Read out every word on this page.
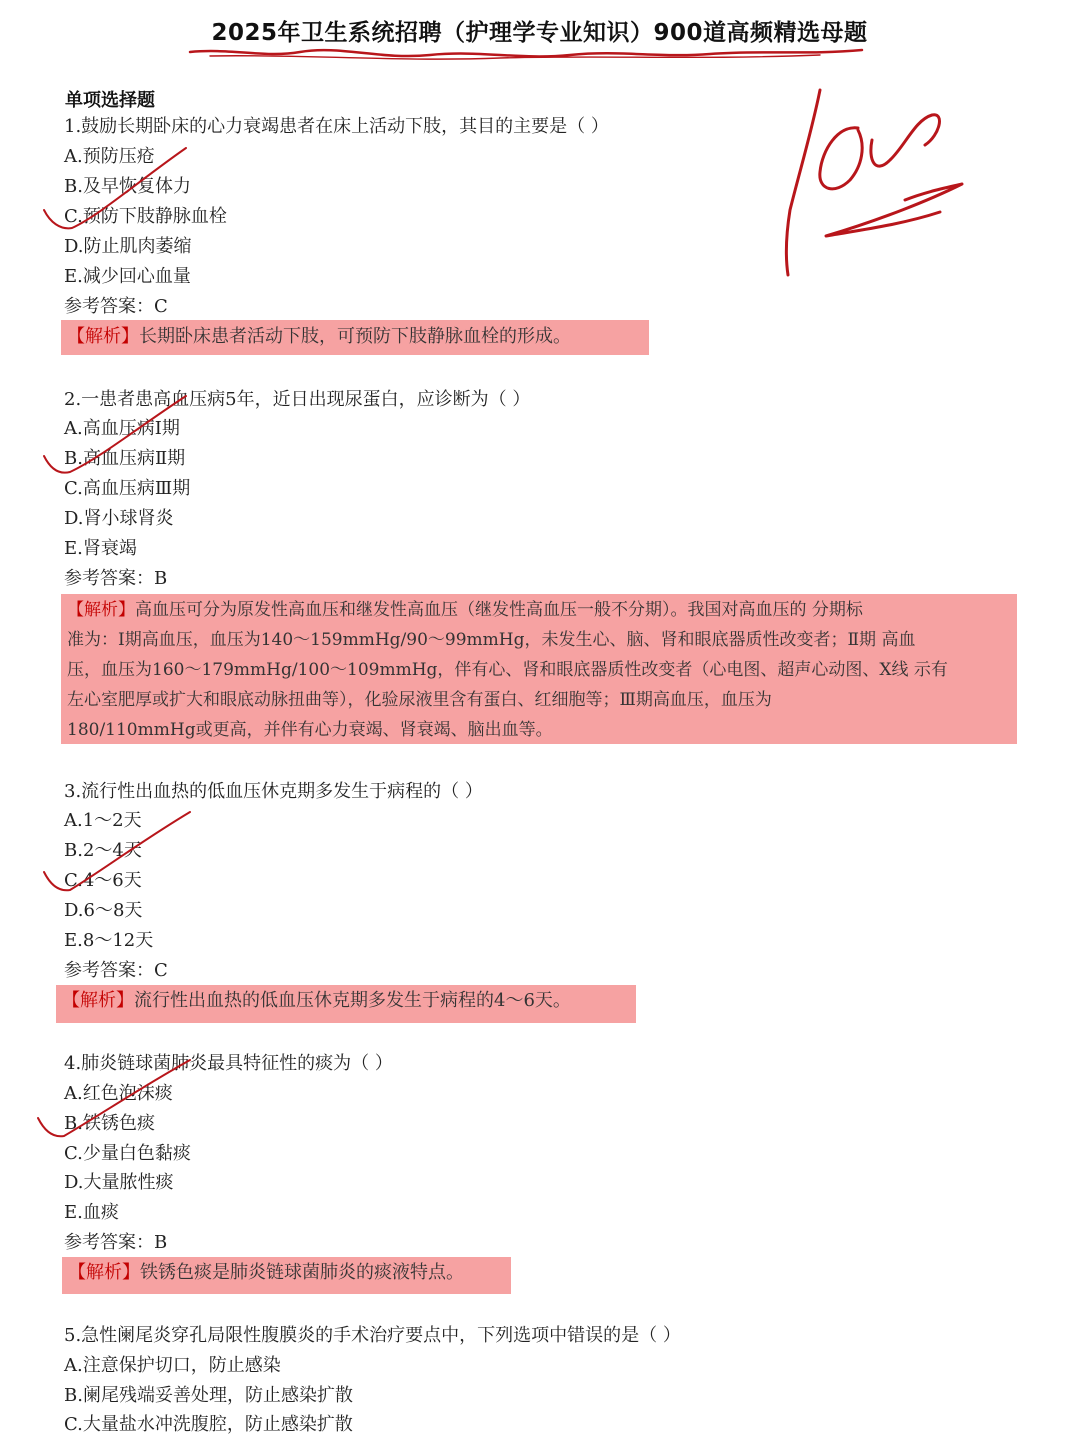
2025年卫生系统招聘（护理学专业知识）900道高频精选母题
单项选择题
1.鼓励长期卧床的心力衰竭患者在床上活动下肢，其目的主要是（ ）
A.预防压疮
B.及早恢复体力
C.预防下肢静脉血栓
D.防止肌肉萎缩
E.减少回心血量
参考答案：C
【解析】长期卧床患者活动下肢，可预防下肢静脉血栓的形成。
2.一患者患高血压病5年，近日出现尿蛋白，应诊断为（ ）
A.高血压病Ⅰ期
B.高血压病Ⅱ期
C.高血压病Ⅲ期
D.肾小球肾炎
E.肾衰竭
参考答案：B
【解析】高血压可分为原发性高血压和继发性高血压（继发性高血压一般不分期）。我国对高血压的 分期标
准为：Ⅰ期高血压，血压为140～159mmHg/90～99mmHg，未发生心、脑、肾和眼底器质性改变者；Ⅱ期 高血
压，血压为160～179mmHg/100～109mmHg，伴有心、肾和眼底器质性改变者（心电图、超声心动图、X线 示有
左心室肥厚或扩大和眼底动脉扭曲等），化验尿液里含有蛋白、红细胞等；Ⅲ期高血压，血压为
180/110mmHg或更高，并伴有心力衰竭、肾衰竭、脑出血等。
3.流行性出血热的低血压休克期多发生于病程的（ ）
A.1～2天
B.2～4天
C.4～6天
D.6～8天
E.8～12天
参考答案：C
【解析】流行性出血热的低血压休克期多发生于病程的4～6天。
4.肺炎链球菌肺炎最具特征性的痰为（ ）
A.红色泡沫痰
B.铁锈色痰
C.少量白色黏痰
D.大量脓性痰
E.血痰
参考答案：B
【解析】铁锈色痰是肺炎链球菌肺炎的痰液特点。
5.急性阑尾炎穿孔局限性腹膜炎的手术治疗要点中，下列选项中错误的是（ ）
A.注意保护切口，防止感染
B.阑尾残端妥善处理，防止感染扩散
C.大量盐水冲洗腹腔，防止感染扩散
